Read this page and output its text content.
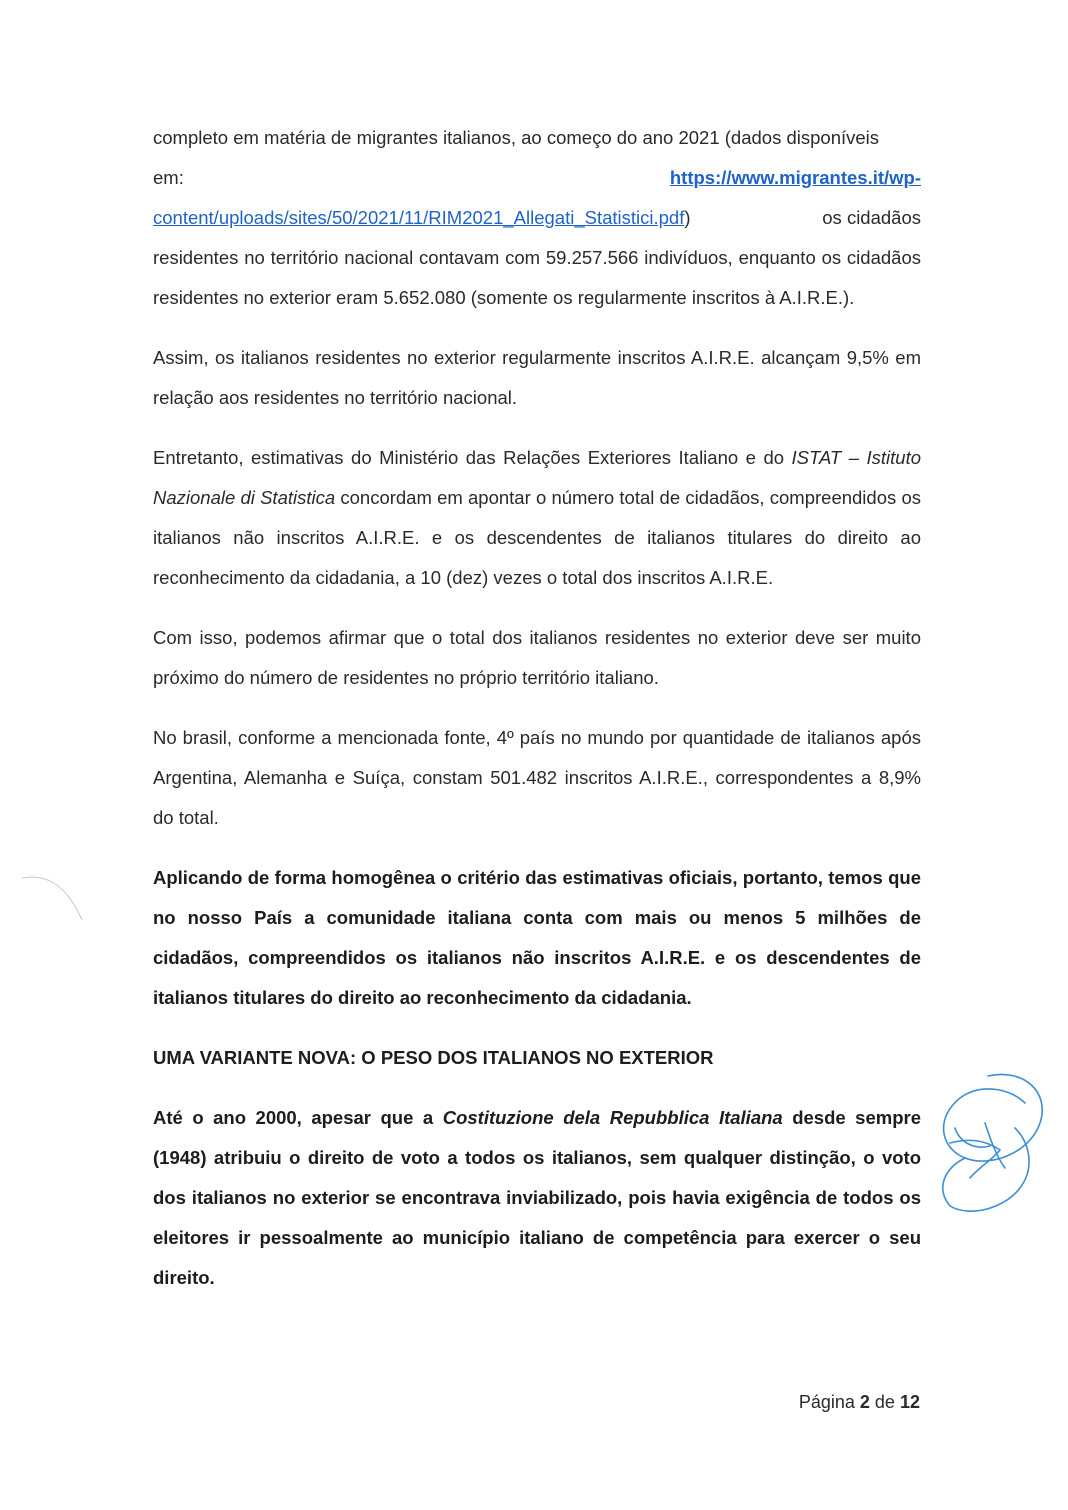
completo em matéria de migrantes italianos, ao começo do ano 2021 (dados disponíveis

em:	https://www.migrantes.it/wp-
content/uploads/sites/50/2021/11/RIM2021_Allegati_Statistici.pdf)	os cidadãos
residentes no território nacional contavam com 59.257.566 indivíduos, enquanto os cidadãos residentes no exterior eram 5.652.080 (somente os regularmente inscritos à A.I.R.E.).

Assim, os italianos residentes no exterior regularmente inscritos A.I.R.E. alcançam 9,5% em relação aos residentes no território nacional.

Entretanto, estimativas do Ministério das Relações Exteriores Italiano e do ISTAT – Istituto Nazionale di Statistica concordam em apontar o número total de cidadãos, compreendidos os italianos não inscritos A.I.R.E. e os descendentes de italianos titulares do direito ao reconhecimento da cidadania, a 10 (dez) vezes o total dos inscritos A.I.R.E.

Com isso, podemos afirmar que o total dos italianos residentes no exterior deve ser muito próximo do número de residentes no próprio território italiano.

No brasil, conforme a mencionada fonte, 4º país no mundo por quantidade de italianos após Argentina, Alemanha e Suíça, constam 501.482 inscritos A.I.R.E., correspondentes a 8,9% do total.

Aplicando de forma homogênea o critério das estimativas oficiais, portanto, temos que no nosso País a comunidade italiana conta com mais ou menos 5 milhões de cidadãos, compreendidos os italianos não inscritos A.I.R.E. e os descendentes de italianos titulares do direito ao reconhecimento da cidadania.

UMA VARIANTE NOVA: O PESO DOS ITALIANOS NO EXTERIOR

Até o ano 2000, apesar que a Costituzione dela Repubblica Italiana desde sempre (1948) atribuiu o direito de voto a todos os italianos, sem qualquer distinção, o voto dos italianos no exterior se encontrava inviabilizado, pois havia exigência de todos os eleitores ir pessoalmente ao município italiano de competência para exercer o seu direito.

Página 2 de 12
